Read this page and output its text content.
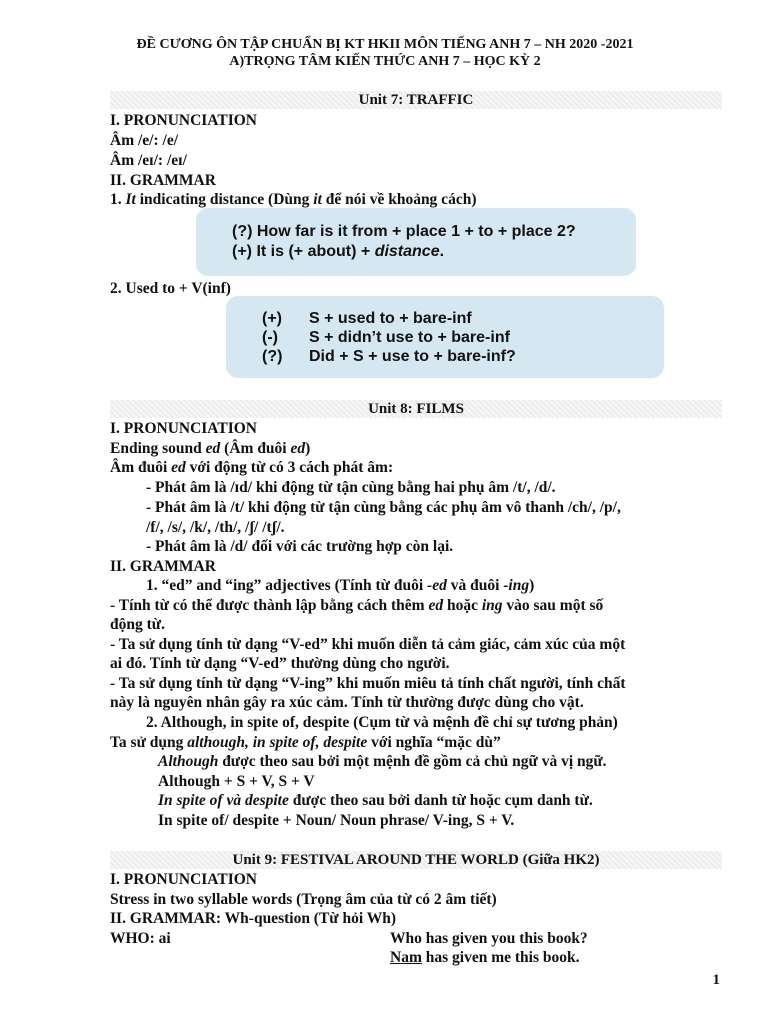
ĐỀ CƯƠNG ÔN TẬP CHUẨN BỊ KT HKII MÔN TIẾNG ANH 7 – NH 2020 -2021
A)TRỌNG TÂM KIẾN THỨC ANH 7 – HỌC KỲ 2
Unit 7: TRAFFIC
I. PRONUNCIATION
Âm /e/: /e/
Âm /eɪ/: /eɪ/
II. GRAMMAR
1. It indicating distance (Dùng it để nói về khoảng cách)
(?) How far is it from + place 1 + to + place 2?
(+) It is (+ about) + distance.
2. Used to + V(inf)
(+) S + used to + bare-inf
(-) S + didn’t use to + bare-inf
(?) Did + S + use to + bare-inf?
Unit 8: FILMS
I. PRONUNCIATION
Ending sound ed (Âm đuôi ed)
Âm đuôi ed với động từ có 3 cách phát âm:
- Phát âm là /ɪd/ khi động từ tận cùng bằng hai phụ âm /t/, /d/.
- Phát âm là /t/ khi động từ tận cùng bằng các phụ âm vô thanh /ch/, /p/,
/f/, /s/, /k/, /th/, /ʃ/ /tʃ/.
- Phát âm là /d/ đối với các trường hợp còn lại.
II. GRAMMAR
1. “ed” and “ing” adjectives (Tính từ đuôi -ed và đuôi -ing)
- Tính từ có thể được thành lập bằng cách thêm ed hoặc ing vào sau một số
động từ.
- Ta sử dụng tính từ dạng “V-ed” khi muốn diễn tả cảm giác, cảm xúc của một
ai đó. Tính từ dạng “V-ed” thường dùng cho người.
- Ta sử dụng tính từ dạng “V-ing” khi muốn miêu tả tính chất người, tính chất
này là nguyên nhân gây ra xúc cảm. Tính từ thường được dùng cho vật.
2. Although, in spite of, despite (Cụm từ và mệnh đề chỉ sự tương phản)
Ta sử dụng although, in spite of, despite với nghĩa “mặc dù”
Although được theo sau bởi một mệnh đề gồm cả chủ ngữ và vị ngữ.
Although + S + V, S + V
In spite of và despite được theo sau bởi danh từ hoặc cụm danh từ.
In spite of/ despite + Noun/ Noun phrase/ V-ing, S + V.
Unit 9: FESTIVAL AROUND THE WORLD (Giữa HK2)
I. PRONUNCIATION
Stress in two syllable words (Trọng âm của từ có 2 âm tiết)
II. GRAMMAR: Wh-question (Từ hỏi Wh)
WHO: ai	Who has given you this book?
Nam has given me this book.
1
